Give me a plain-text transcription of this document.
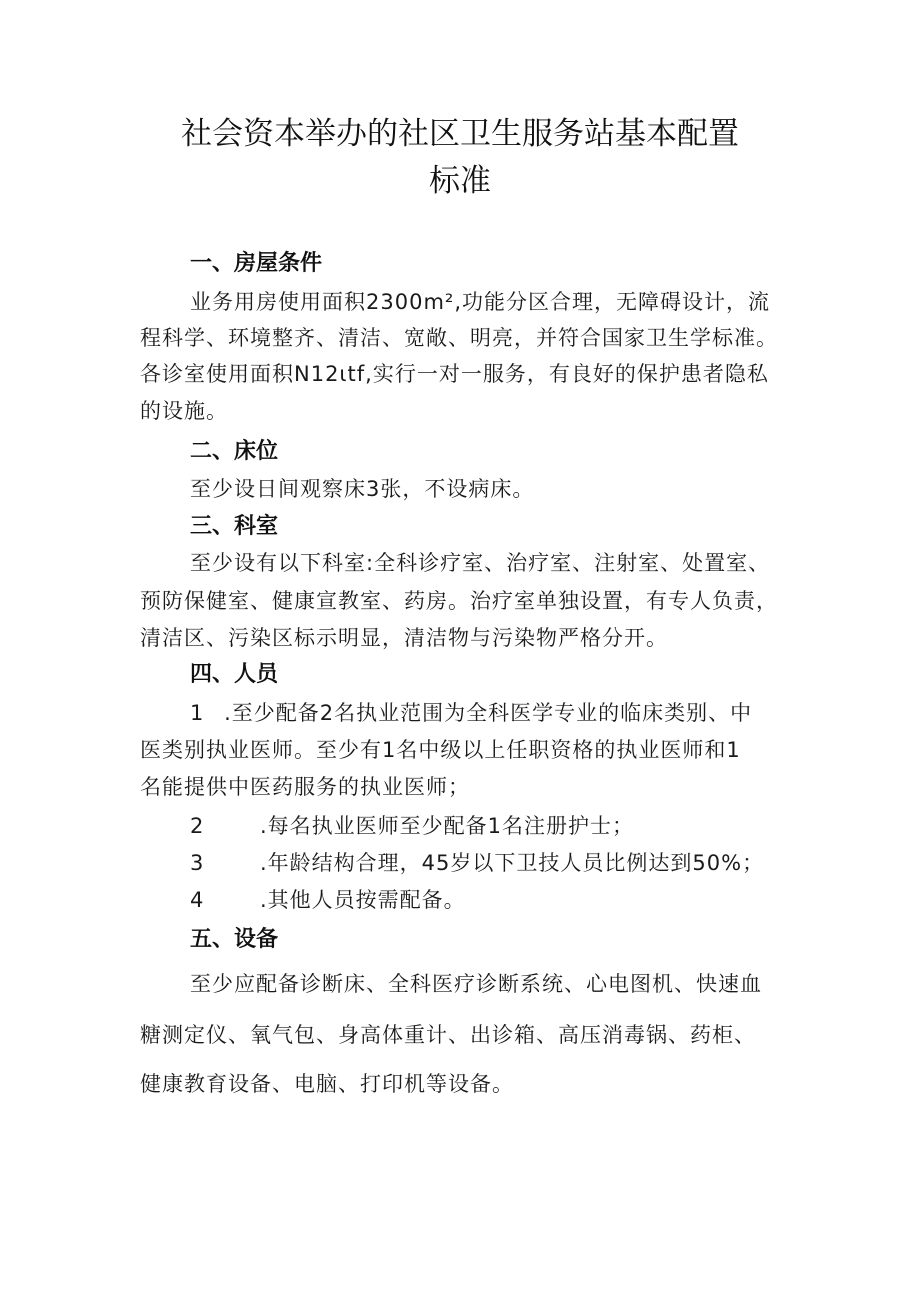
社会资本举办的社区卫生服务站基本配置
标准
一、房屋条件
业务用房使用面积2300m²,功能分区合理，无障碍设计，流
程科学、环境整齐、清洁、宽敞、明亮，并符合国家卫生学标准。
各诊室使用面积N12ιtf,实行一对一服务，有良好的保护患者隐私
的设施。
二、床位
至少设日间观察床3张，不设病床。
三、科室
至少设有以下科室:全科诊疗室、治疗室、注射室、处置室、
预防保健室、健康宣教室、药房。治疗室单独设置，有专人负责，
清洁区、污染区标示明显，清洁物与污染物严格分开。
四、人员
1 .至少配备2名执业范围为全科医学专业的临床类别、中
医类别执业医师。至少有1名中级以上任职资格的执业医师和1
名能提供中医药服务的执业医师；
2	.每名执业医师至少配备1名注册护士；
3	.年龄结构合理，45岁以下卫技人员比例达到50%；
4	.其他人员按需配备。
五、设备
至少应配备诊断床、全科医疗诊断系统、心电图机、快速血
糖测定仪、氧气包、身高体重计、出诊箱、高压消毒锅、药柜、
健康教育设备、电脑、打印机等设备。
